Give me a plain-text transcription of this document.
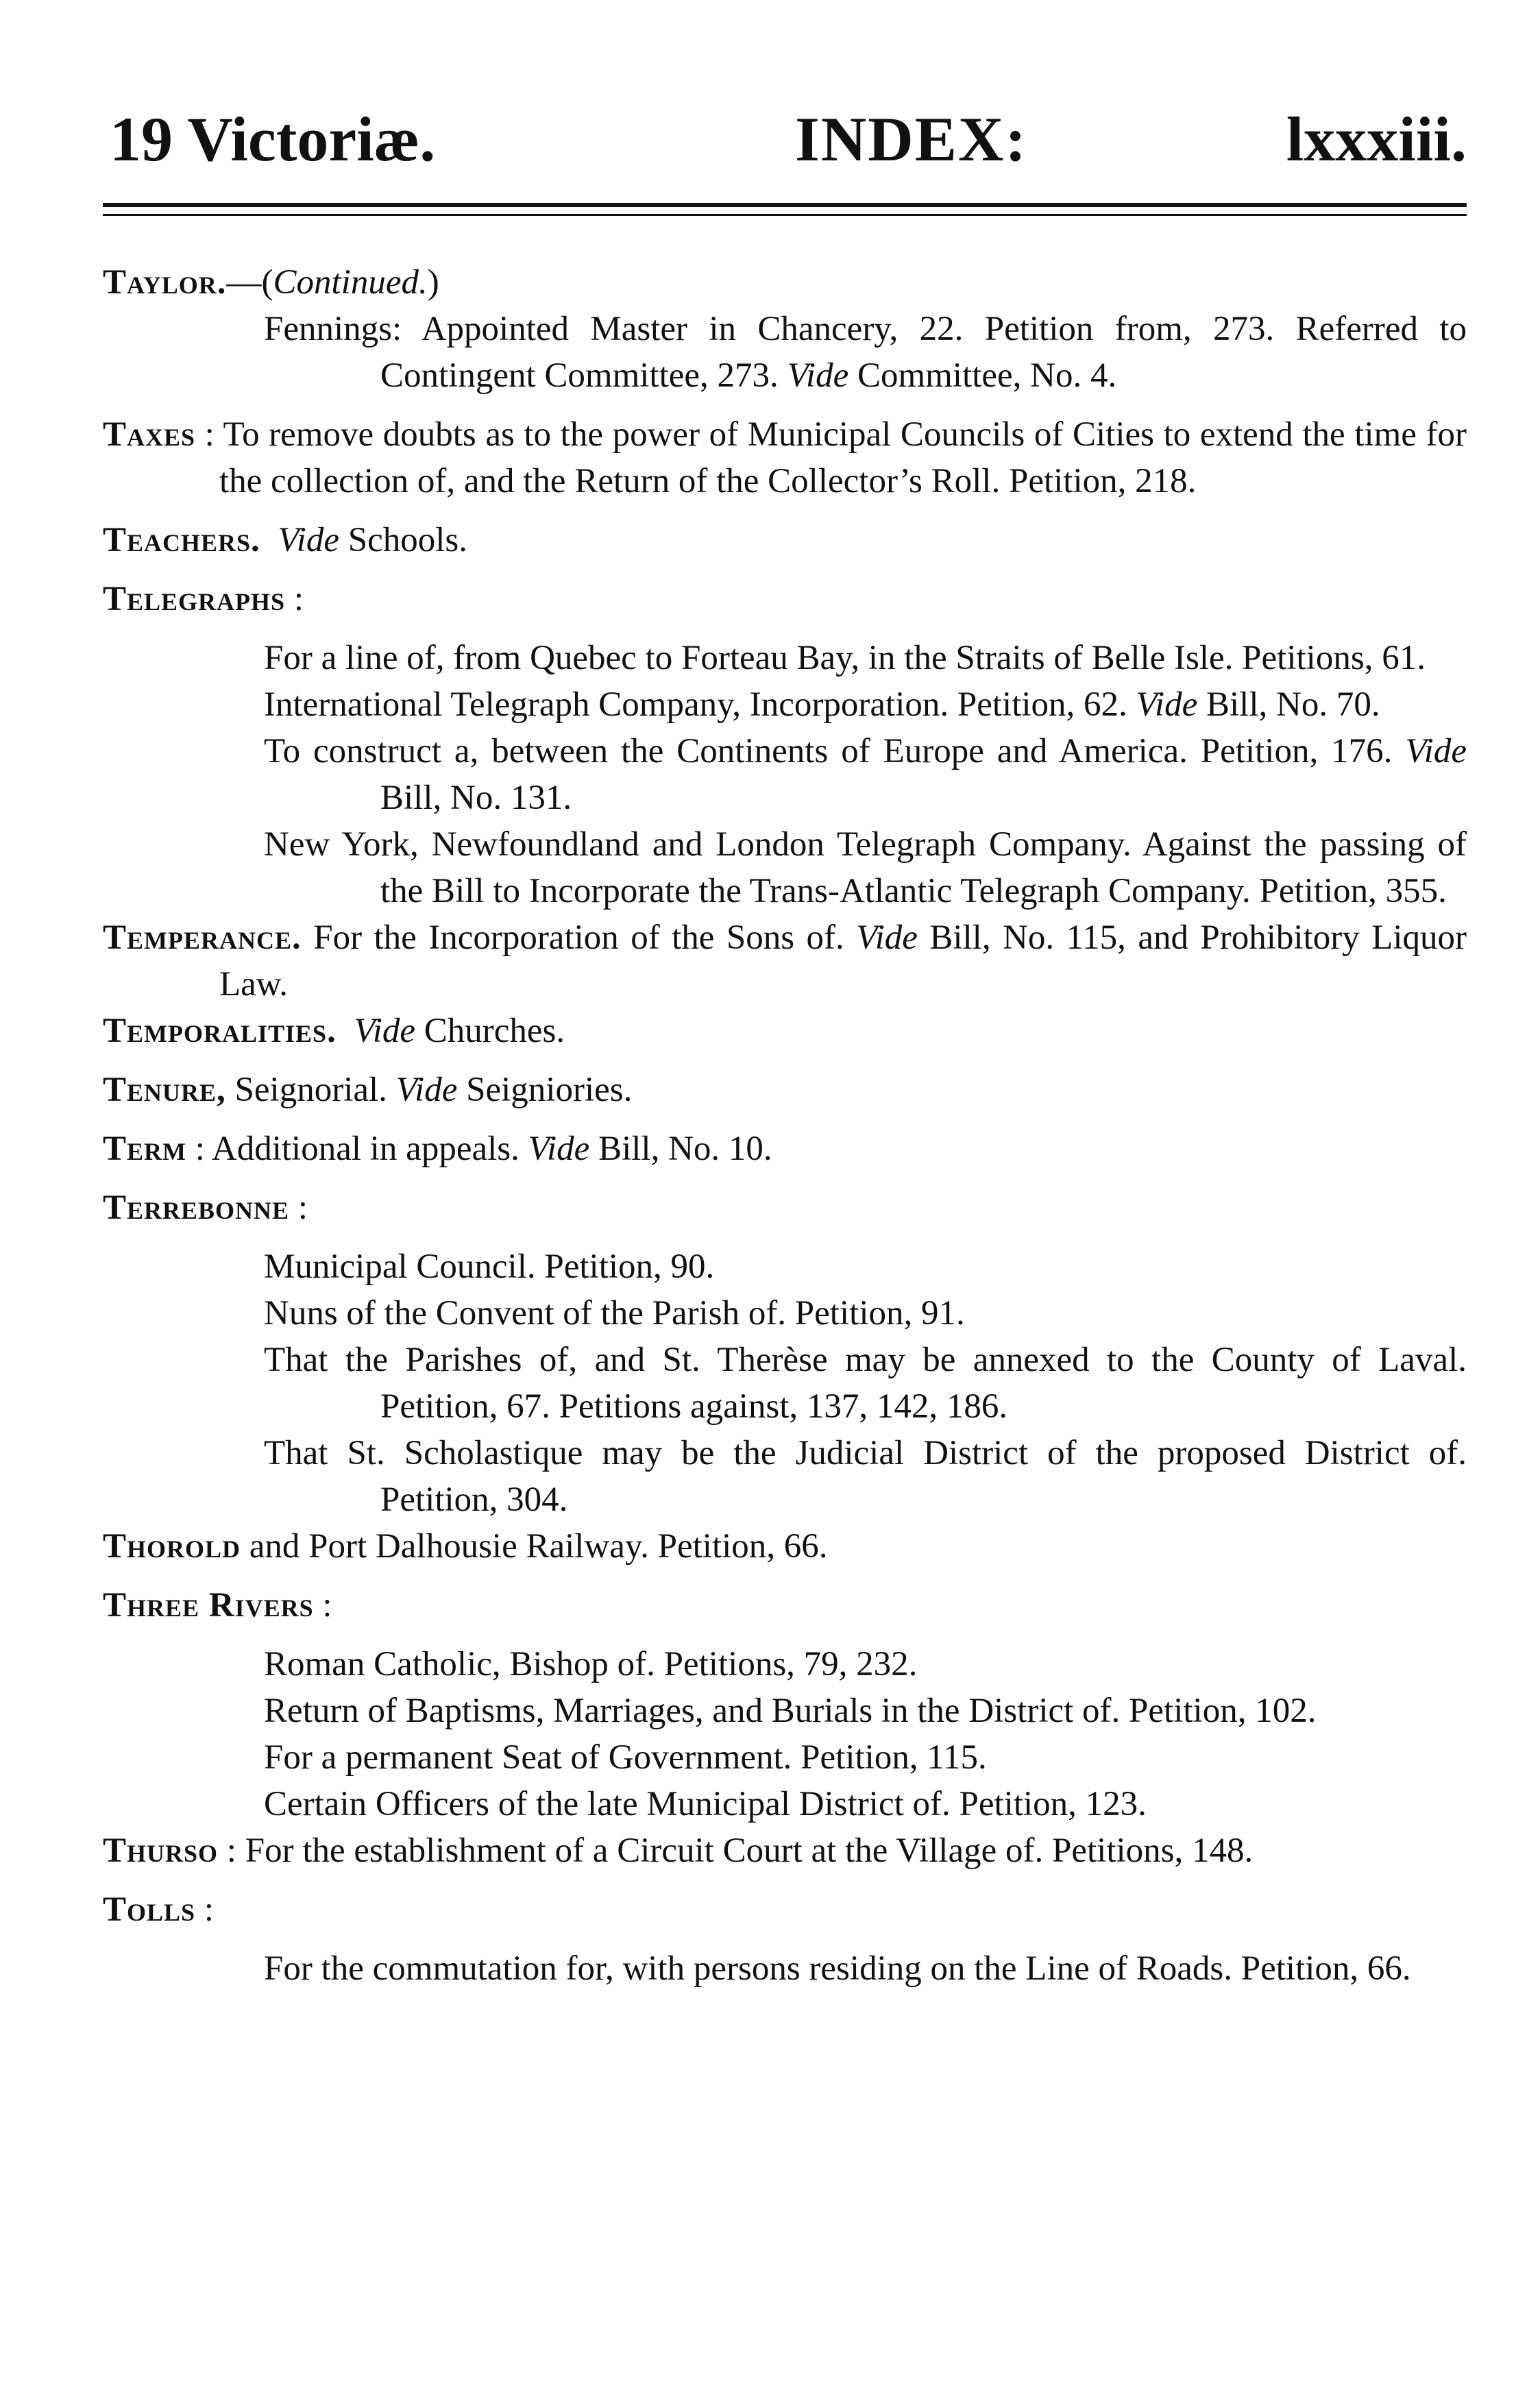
19 Victoriæ.	INDEX:	lxxxiii.
Taylor.—(Continued.)
Fennings: Appointed Master in Chancery, 22. Petition from, 273. Referred to Contingent Committee, 273. Vide Committee, No. 4.
Taxes : To remove doubts as to the power of Municipal Councils of Cities to extend the time for the collection of, and the Return of the Collector’s Roll. Petition, 218.
Teachers. Vide Schools.
Telegraphs :
For a line of, from Quebec to Forteau Bay, in the Straits of Belle Isle. Petitions, 61.
International Telegraph Company, Incorporation. Petition, 62. Vide Bill, No. 70.
To construct a, between the Continents of Europe and America. Petition, 176. Vide Bill, No. 131.
New York, Newfoundland and London Telegraph Company. Against the passing of the Bill to Incorporate the Trans-Atlantic Telegraph Company. Petition, 355.
Temperance. For the Incorporation of the Sons of. Vide Bill, No. 115, and Prohibitory Liquor Law.
Temporalities. Vide Churches.
Tenure, Seignorial. Vide Seigniories.
Term : Additional in appeals. Vide Bill, No. 10.
Terrebonne :
Municipal Council. Petition, 90.
Nuns of the Convent of the Parish of. Petition, 91.
That the Parishes of, and St. Therèse may be annexed to the County of Laval. Petition, 67. Petitions against, 137, 142, 186.
That St. Scholastique may be the Judicial District of the proposed District of. Petition, 304.
Thorold and Port Dalhousie Railway. Petition, 66.
Three Rivers :
Roman Catholic, Bishop of. Petitions, 79, 232.
Return of Baptisms, Marriages, and Burials in the District of. Petition, 102.
For a permanent Seat of Government. Petition, 115.
Certain Officers of the late Municipal District of. Petition, 123.
Thurso : For the establishment of a Circuit Court at the Village of. Petitions, 148.
Tolls :
For the commutation for, with persons residing on the Line of Roads. Petition, 66.
